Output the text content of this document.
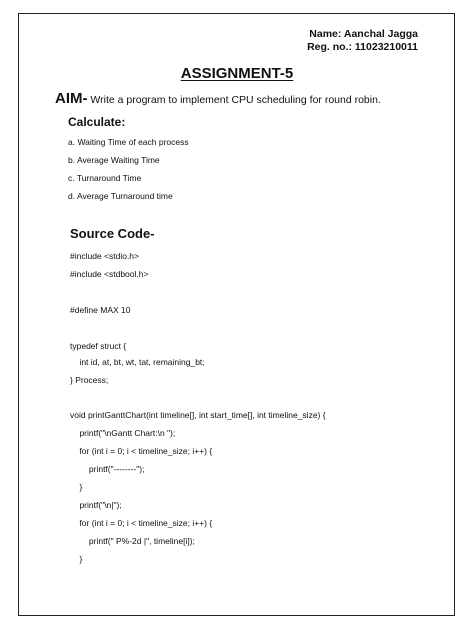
Name: Aanchal Jagga
Reg. no.: 11023210011
ASSIGNMENT-5
AIM- Write a program to implement CPU scheduling for round robin.
Calculate:
a. Waiting Time of each process
b. Average Waiting Time
c. Turnaround Time
d. Average Turnaround time
Source Code-
#include <stdio.h>
#include <stdbool.h>
#define MAX 10
typedef struct {
int id, at, bt, wt, tat, remaining_bt;
} Process;
void printGanttChart(int timeline[], int start_time[], int timeline_size) {
printf("\nGantt Chart:\n ");
for (int i = 0; i < timeline_size; i++) {
printf("--------");
}
printf("\n|");
for (int i = 0; i < timeline_size; i++) {
printf(" P%-2d |", timeline[i]);
}
